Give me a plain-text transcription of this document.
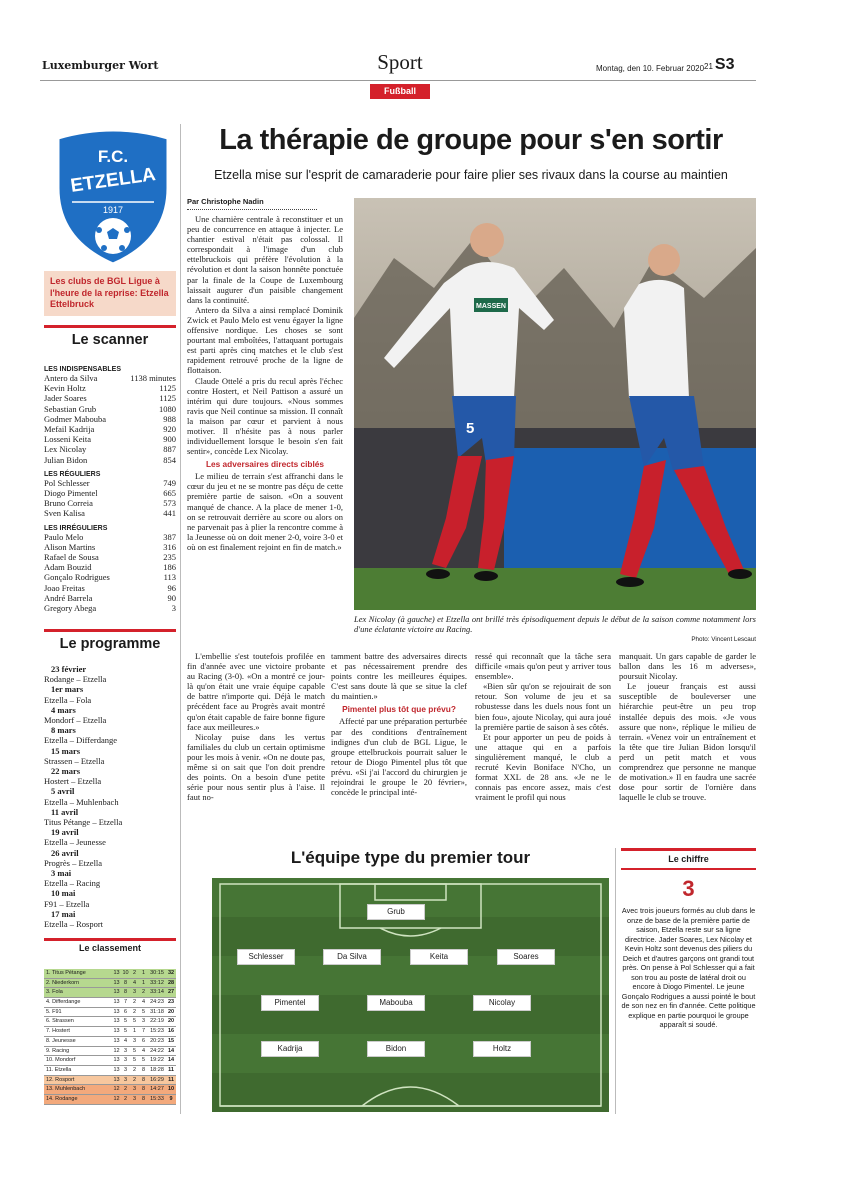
Luxemburger Wort	Sport
Fußball
Montag, den 10. Februar 2020 21 S3
F.C.
ETZELLA
1917
Les clubs de BGL Ligue à l'heure de la reprise: Etzella Ettelbruck
Le scanner
LES INDISPENSABLES
Antero da Silva	1138 minutes
Kevin Holtz	1125
Jader Soares	1125
Sebastian Grub	1080
Godmer Mabouba	988
Mefail Kadrija	920
Losseni Keita	900
Lex Nicolay	887
Julian Bidon	854
LES RÉGULIERS
Pol Schlesser	749
Diogo Pimentel	665
Bruno Correia	573
Sven Kalisa	441
LES IRRÉGULIERS
Paulo Melo	387
Alison Martins	316
Rafael de Sousa	235
Adam Bouzid	186
Gonçalo Rodrigues	113
Joao Freitas	96
André Barrela	90
Gregory Abega	3
Le programme
23 février
Rodange – Etzella
1er mars
Etzella – Fola
4 mars
Mondorf – Etzella
8 mars
Etzella – Differdange
15 mars
Strassen – Etzella
22 mars
Hostert – Etzella
5 avril
Etzella – Muhlenbach
11 avril
Titus Pétange – Etzella
19 avril
Etzella – Jeunesse
26 avril
Progrès – Etzella
3 mai
Etzella – Racing
10 mai
F91 – Etzella
17 mai
Etzella – Rosport
Le classement
1. Titus Pétange	13 10 2	1 30:15 32
2. Niederkorn	13 8	4	1 33:12 28
3. Fola	13 8	3	2 33:14 27
4. Differdange	13 7	2	4 24:23 23
5. F91	13 6	2	5 31:18 20
6. Strassen	13 5	5	3 22:19 20
7. Hostert	13 5	1	7 15:23 16
8. Jeunesse	13 4	3	6 20:23 15
9. Racing	12 3	5	4 24:22 14
10. Mondorf	13 3	5	5 19:22 14
11. Etzella	13 3	2	8 18:28 11
12. Rosport	13 3	2	8 16:29 11
13. Muhlenbach	12 2	3	8 14:27 10
14. Rodange	12 2	3	8 15:33	9
La thérapie de groupe pour s'en sortir
Etzella mise sur l'esprit de camaraderie pour faire plier ses rivaux dans la course au maintien
Par Christophe Nadin
Une charnière centrale à reconstituer et un peu de concurrence en attaque à injecter. Le chantier estival n'était pas colossal. Il correspondait à l'image d'un club ettelbruckois qui préfère l'évolution à la révolution et dont la saison honnête ponctuée par la finale de la Coupe de Luxembourg laissait augurer d'un paisible changement dans la continuité.
Antero da Silva a ainsi remplacé Dominik Zwick et Paulo Melo est venu égayer la ligne offensive nordique. Les choses se sont pourtant mal emboîtées, l'attaquant portugais est parti après cinq matches et le club s'est rapidement retrouvé proche de la ligne de flottaison.
Claude Ottelé a pris du recul après l'échec contre Hostert, et Neil Pattison a assuré un intérim qui dure toujours. «Nous sommes ravis que Neil continue sa mission. Il connaît la maison par cœur et parvient à nous motiver. Il n'hésite pas à nous parler individuellement lorsque le besoin s'en fait sentir», concède Lex Nicolay.
Les adversaires directs ciblés
Le milieu de terrain s'est affranchi dans le cœur du jeu et ne se montre pas déçu de cette première partie de saison. «On a souvent manqué de chance. A la place de mener 1-0, on se retrouvait derrière au score ou alors on ne parvenait pas à plier la rencontre comme à la Jeunesse où on doit mener 2-0, voire 3-0 et où on est finalement rejoint en fin de match.»
L'embellie s'est toutefois profilée en fin d'année avec une victoire probante au Racing (3-0). «On a montré ce jour-là qu'on était une vraie équipe capable de battre n'importe qui. Déjà le match précédent face au Progrès avait montré qu'on était capable de faire bonne figure face aux meilleures.»
Nicolay puise dans les vertus familiales du club un certain optimisme pour les mois à venir. «On ne doute pas, même si on sait que l'on doit prendre des points. On a besoin d'une petite série pour nous sentir plus à l'aise. Il faut no-
tamment battre des adversaires directs et pas nécessairement prendre des points contre les meilleures équipes. C'est sans doute là que se situe la clef du maintien.»
Pimentel plus tôt que prévu?
Affecté par une préparation perturbée par des conditions d'entraînement indignes d'un club de BGL Ligue, le groupe ettelbruckois pourrait saluer le retour de Diogo Pimentel plus tôt que prévu. «Si j'ai l'accord du chirurgien je rejoindrai le groupe le 20 février», concède le principal inté-
ressé qui reconnaît que la tâche sera difficile «mais qu'on peut y arriver tous ensemble».
«Bien sûr qu'on se rejouirait de son retour. Son volume de jeu et sa robustesse dans les duels nous font un bien fou», ajoute Nicolay, qui aura joué la première partie de saison à ses côtés.
Et pour apporter un peu de poids à une attaque qui en a parfois singulièrement manqué, le club a recruté Kevin Boniface N'Cho, un format XXL de 28 ans. «Je ne le connais pas encore assez, mais c'est vraiment le profil qui nous
manquait. Un gars capable de garder le ballon dans les 16 m adverses», poursuit Nicolay.
Le joueur français est aussi susceptible de bouleverser une hiérarchie peut-être un peu trop installée depuis des mois. «Je vous assure que non», réplique le milieu de terrain. «Venez voir un entraînement et la tête que tire Julian Bidon lorsqu'il perd un petit match et vous comprendrez que personne ne manque de motivation.» Il en faudra une sacrée dose pour sortir de l'ornière dans laquelle le club se trouve.
MASSEN
5
Lex Nicolay (à gauche) et Etzella ont brillé très épisodiquement depuis le début de la saison comme notamment lors d'une éclatante victoire au Racing.

Photo: Vincent Lescaut
L'équipe type du premier tour
Grub
Schlesser	Da Silva	Keita	Soares
Pimentel	Mabouba	Nicolay
Kadrija	Bidon	Holtz
Le chiffre
3
Avec trois joueurs formés au club dans le onze de base de la première partie de saison, Etzella reste sur sa ligne directrice. Jader Soares, Lex Nicolay et Kevin Holtz sont devenus des piliers du Deich et d'autres garçons ont grandi tout près. On pense à Pol Schlesser qui a fait son trou au poste de latéral droit ou encore à Diogo Pimentel. Le jeune Gonçalo Rodrigues a aussi pointé le bout de son nez en fin d'année. Cette politique explique en partie pourquoi le groupe apparaît si soudé.
